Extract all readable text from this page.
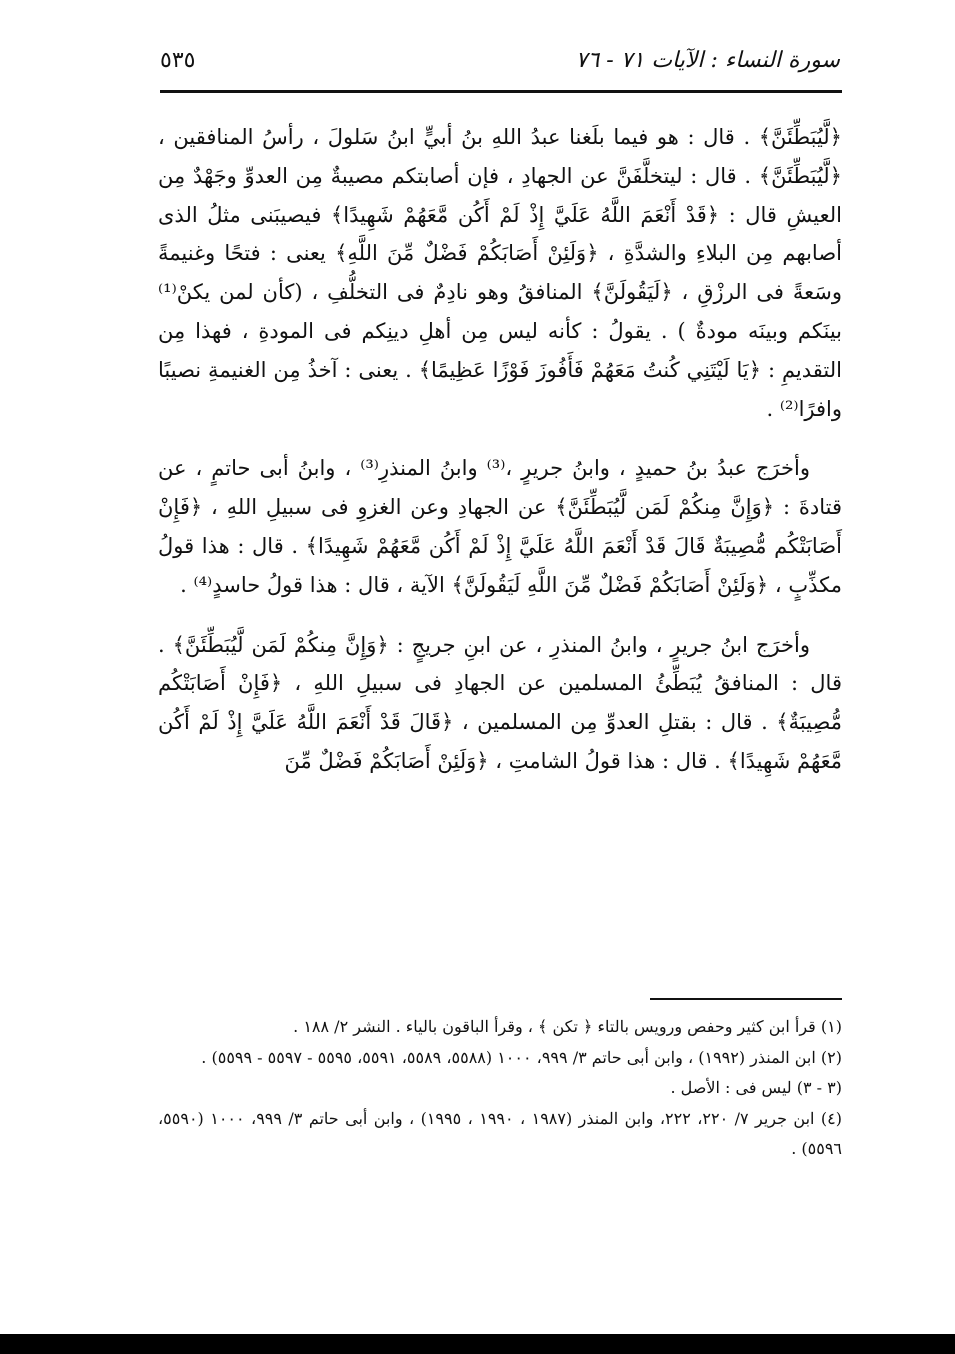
٥٣٥	سورة النساء : الآيات ٧١ - ٧٦

﴿لَّيُبَطِّئَنَّ﴾ . قال : هو فيما بلَغنا عبدُ اللهِ بنُ أبيٍّ ابنُ سَلولَ ، رأسُ المنافقين ، ﴿لَّيُبَطِّئَنَّ﴾ . قال : ليتخلَّفَنَّ عن الجهادِ ، فإن أصابتكم مصيبةٌ مِن العدوِّ وجَهْدٌ مِن العيشِ قال : ﴿قَدْ أَنْعَمَ اللَّهُ عَلَيَّ إِذْ لَمْ أَكُن مَّعَهُمْ شَهِيدًا﴾ فيصيبَنى مثلُ الذى أصابهم مِن البلاءِ والشدَّةِ ، ﴿وَلَئِنْ أَصَابَكُمْ فَضْلٌ مِّنَ اللَّهِ﴾ يعنى : فتحًا وغنيمةً وسَعةً فى الرزْقِ ، ﴿لَيَقُولَنَّ﴾ المنافقُ وهو نادِمٌ فى التخلُّفِ ، (كأن لمن يكنْ⁽¹⁾ بينَكم وبينَه مودةٌ ) . يقولُ : كأنه ليس مِن أهلِ دينِكم فى المودةِ ، فهذا مِن التقديمِ : ﴿يَا لَيْتَنِي كُنتُ مَعَهُمْ فَأَفُوزَ فَوْزًا عَظِيمًا﴾ . يعنى : آخذُ مِن الغنيمةِ نصيبًا وافرًا⁽²⁾ .

وأخرَج عبدُ بنُ حميدٍ ، وابنُ جريرٍ ،⁽³⁾ وابنُ المنذرِ⁽³⁾ ، وابنُ أبى حاتمٍ ، عن قتادةَ : ﴿وَإِنَّ مِنكُمْ لَمَن لَّيُبَطِّئَنَّ﴾ عن الجهادِ وعن الغزوِ فى سبيلِ اللهِ ، ﴿فَإِنْ أَصَابَتْكُم مُّصِيبَةٌ قَالَ قَدْ أَنْعَمَ اللَّهُ عَلَيَّ إِذْ لَمْ أَكُن مَّعَهُمْ شَهِيدًا﴾ . قال : هذا قولُ مكذِّبٍ ، ﴿وَلَئِنْ أَصَابَكُمْ فَضْلٌ مِّنَ اللَّهِ لَيَقُولَنَّ﴾ الآية ، قال : هذا قولُ حاسدٍ⁽⁴⁾ .

وأخرَج ابنُ جريرٍ ، وابنُ المنذرِ ، عن ابنِ جريجٍ : ﴿وَإِنَّ مِنكُمْ لَمَن لَّيُبَطِّئَنَّ﴾ . قال : المنافقُ يُبَطِّئُ المسلمين عن الجهادِ فى سبيلِ اللهِ ، ﴿فَإِنْ أَصَابَتْكُم مُّصِيبَةٌ﴾ . قال : بقتلِ العدوِّ مِن المسلمين ، ﴿قَالَ قَدْ أَنْعَمَ اللَّهُ عَلَيَّ إِذْ لَمْ أَكُن مَّعَهُمْ شَهِيدًا﴾ . قال : هذا قولُ الشامتِ ، ﴿وَلَئِنْ أَصَابَكُمْ فَضْلٌ مِّنَ

(١) قرأ ابن كثير وحفص ورويس بالتاء ﴿ تكن ﴾ ، وقرأ الباقون بالياء . النشر ٢/ ١٨٨ .

(٢) ابن المنذر (١٩٩٢) ، وابن أبى حاتم ٣/ ٩٩٩، ١٠٠٠ (٥٥٨٨، ٥٥٨٩، ٥٥٩١، ٥٥٩٥ - ٥٥٩٧ - ٥٥٩٩) .

(٣ - ٣) ليس فى : الأصل .

(٤) ابن جرير ٧/ ٢٢٠، ٢٢٢، وابن المنذر (١٩٨٧ ، ١٩٩٠ ، ١٩٩٥) ، وابن أبى حاتم ٣/ ٩٩٩، ١٠٠٠ (٥٥٩٠، ٥٥٩٦) .
